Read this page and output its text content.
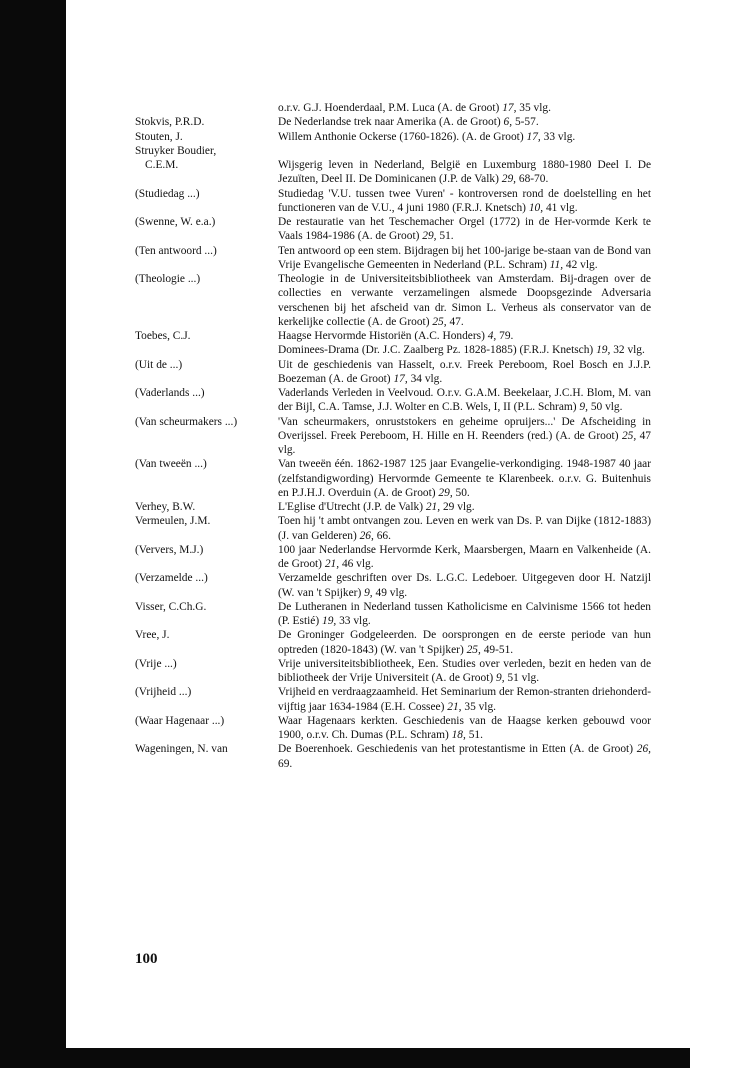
o.r.v. G.J. Hoenderdaal, P.M. Luca (A. de Groot) 17, 35 vlg.
Stokvis, P.R.D.	De Nederlandse trek naar Amerika (A. de Groot) 6, 5-57.
Stouten, J.	Willem Anthonie Ockerse (1760-1826). (A. de Groot) 17, 33 vlg.
Struyker Boudier,
C.E.M.	Wijsgerig leven in Nederland, België en Luxemburg 1880-1980 Deel I. De Jezuïten, Deel II. De Dominicanen (J.P. de Valk) 29, 68-70.
(Studiedag ...)	Studiedag 'V.U. tussen twee Vuren' - kontroversen rond de doelstelling en het functioneren van de V.U., 4 juni 1980 (F.R.J. Knetsch) 10, 41 vlg.
(Swenne, W. e.a.)	De restauratie van het Teschemacher Orgel (1772) in de Her-vormde Kerk te Vaals 1984-1986 (A. de Groot) 29, 51.
(Ten antwoord ...)	Ten antwoord op een stem. Bijdragen bij het 100-jarige be-staan van de Bond van Vrije Evangelische Gemeenten in Nederland (P.L. Schram) 11, 42 vlg.
(Theologie ...)	Theologie in de Universiteitsbibliotheek van Amsterdam. Bij-dragen over de collecties en verwante verzamelingen alsmede Doopsgezinde Adversaria verschenen bij het afscheid van dr. Simon L. Verheus als conservator van de kerkelijke collectie (A. de Groot) 25, 47.
Toebes, C.J.	Haagse Hervormde Historiën (A.C. Honders) 4, 79.
Dominees-Drama (Dr. J.C. Zaalberg Pz. 1828-1885) (F.R.J. Knetsch) 19, 32 vlg.
(Uit de ...)	Uit de geschiedenis van Hasselt, o.r.v. Freek Pereboom, Roel Bosch en J.J.P. Boezeman (A. de Groot) 17, 34 vlg.
(Vaderlands ...)	Vaderlands Verleden in Veelvoud. O.r.v. G.A.M. Beekelaar, J.C.H. Blom, M. van der Bijl, C.A. Tamse, J.J. Wolter en C.B. Wels, I, II (P.L. Schram) 9, 50 vlg.
(Van scheurmakers ...)	'Van scheurmakers, onruststokers en geheime opruijers...' De Afscheiding in Overijssel. Freek Pereboom, H. Hille en H. Reenders (red.) (A. de Groot) 25, 47 vlg.
(Van tweeën ...)	Van tweeën één. 1862-1987 125 jaar Evangelie-verkondiging. 1948-1987 40 jaar (zelfstandigwording) Hervormde Gemeente te Klarenbeek. o.r.v. G. Buitenhuis en P.J.H.J. Overduin (A. de Groot) 29, 50.
Verhey, B.W.	L'Eglise d'Utrecht (J.P. de Valk) 21, 29 vlg.
Vermeulen, J.M.	Toen hij 't ambt ontvangen zou. Leven en werk van Ds. P. van Dijke (1812-1883) (J. van Gelderen) 26, 66.
(Ververs, M.J.)	100 jaar Nederlandse Hervormde Kerk, Maarsbergen, Maarn en Valkenheide (A. de Groot) 21, 46 vlg.
(Verzamelde ...)	Verzamelde geschriften over Ds. L.G.C. Ledeboer. Uitgegeven door H. Natzijl (W. van 't Spijker) 9, 49 vlg.
Visser, C.Ch.G.	De Lutheranen in Nederland tussen Katholicisme en Calvinisme 1566 tot heden (P. Estié) 19, 33 vlg.
Vree, J.	De Groninger Godgeleerden. De oorsprongen en de eerste periode van hun optreden (1820-1843) (W. van 't Spijker) 25, 49-51.
(Vrije ...)	Vrije universiteitsbibliotheek, Een. Studies over verleden, bezit en heden van de bibliotheek der Vrije Universiteit (A. de Groot) 9, 51 vlg.
(Vrijheid ...)	Vrijheid en verdraagzaamheid. Het Seminarium der Remon-stranten driehonderd-vijftig jaar 1634-1984 (E.H. Cossee) 21, 35 vlg.
(Waar Hagenaar ...)	Waar Hagenaars kerkten. Geschiedenis van de Haagse kerken gebouwd voor 1900, o.r.v. Ch. Dumas (P.L. Schram) 18, 51.
Wageningen, N. van	De Boerenhoek. Geschiedenis van het protestantisme in Etten (A. de Groot) 26, 69.
100
